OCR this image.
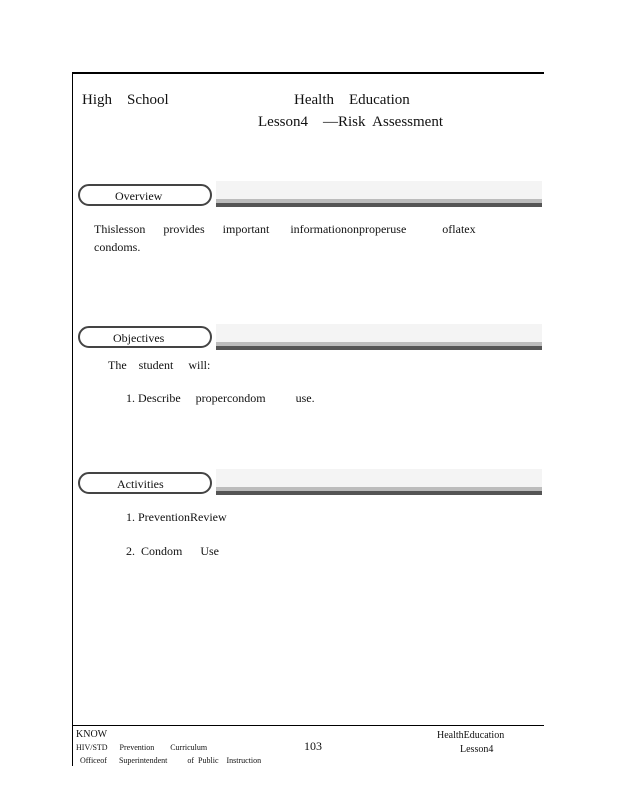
High    School	Health    Education
Lesson4    —Risk  Assessment
Overview
Thislesson      provides      important       informationonproperuse            oflatex
condoms.
Objectives
The    student     will:
1. Describe     propercondom          use.
Activities
1. PreventionReview
2.  Condom      Use
KNOW
HIV/STD      Prevention        Curriculum
Officeof      Superintendent          of  Public    Instruction
103
HealthEducation
Lesson4
